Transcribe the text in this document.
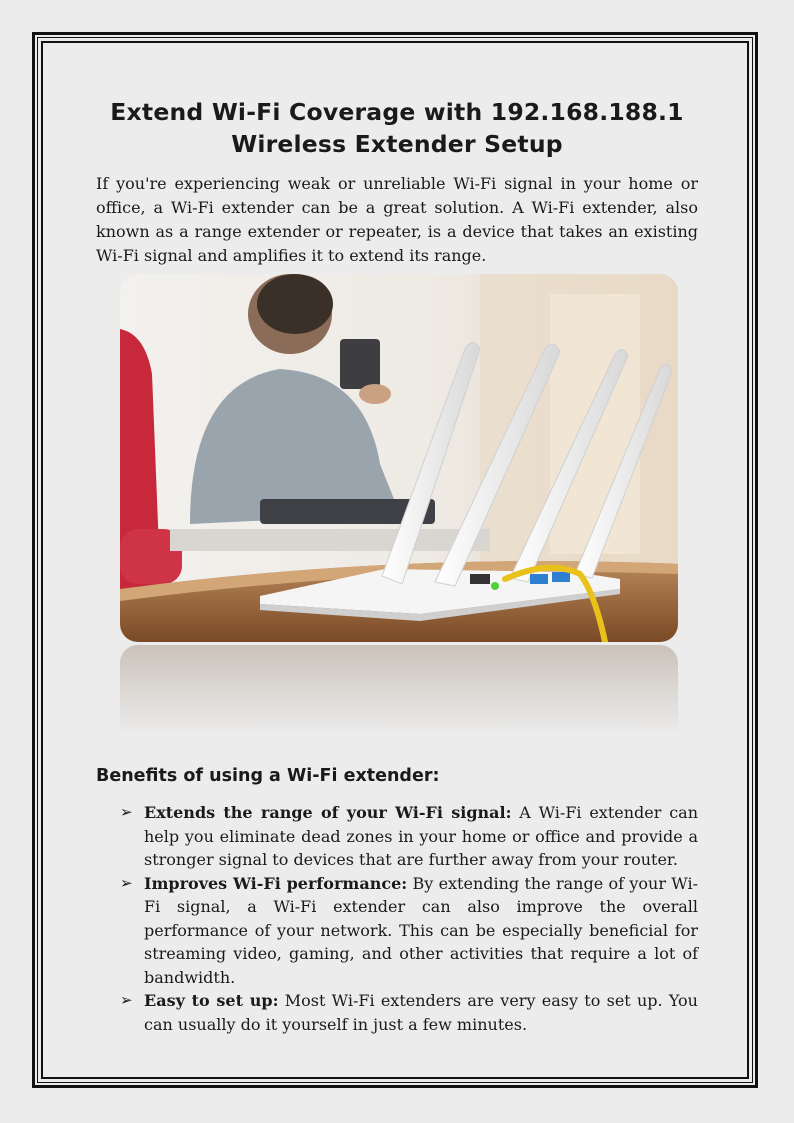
Extend Wi-Fi Coverage with 192.168.188.1 Wireless Extender Setup

If you're experiencing weak or unreliable Wi-Fi signal in your home or office, a Wi-Fi extender can be a great solution. A Wi-Fi extender, also known as a range extender or repeater, is a device that takes an existing Wi-Fi signal and amplifies it to extend its range.

Benefits of using a Wi-Fi extender:
➢ Extends the range of your Wi-Fi signal: A Wi-Fi extender can help you eliminate dead zones in your home or office and provide a stronger signal to devices that are further away from your router.
➢ Improves Wi-Fi performance: By extending the range of your Wi-Fi signal, a Wi-Fi extender can also improve the overall performance of your network. This can be especially beneficial for streaming video, gaming, and other activities that require a lot of bandwidth.
➢ Easy to set up: Most Wi-Fi extenders are very easy to set up. You can usually do it yourself in just a few minutes.
